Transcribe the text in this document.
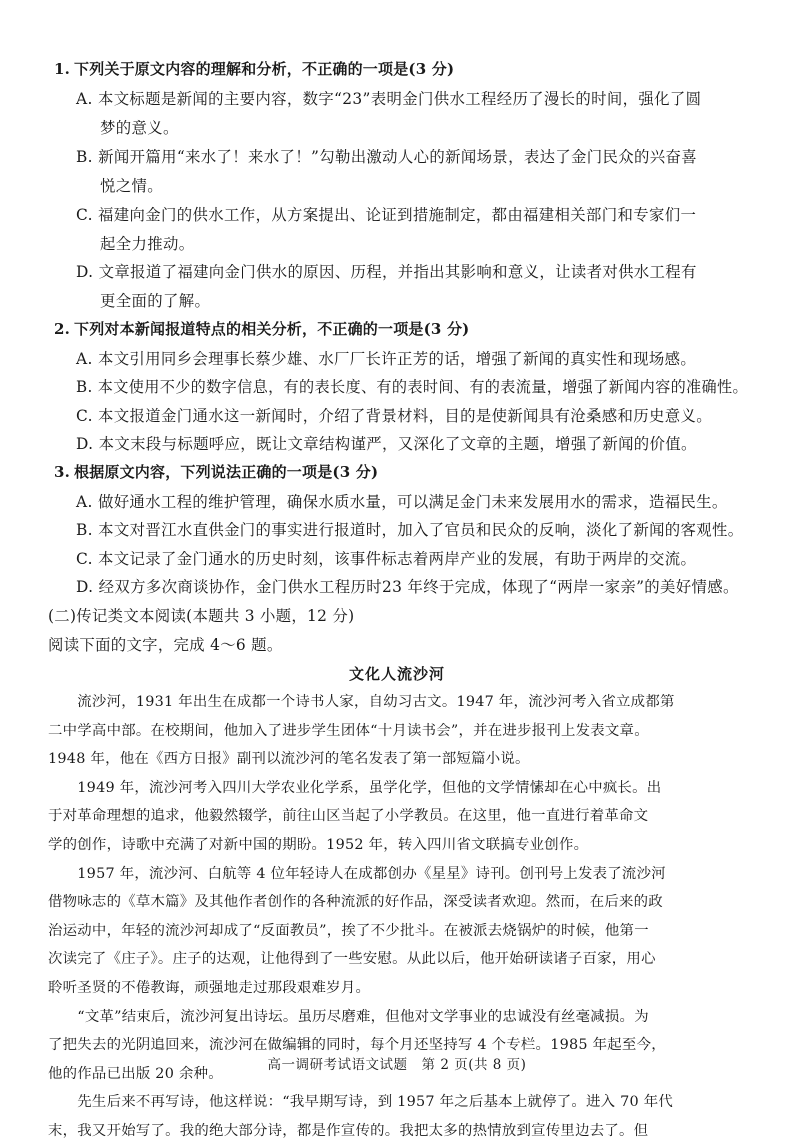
1. 下列关于原文内容的理解和分析，不正确的一项是(3 分)
A. 本文标题是新闻的主要内容，数字“23”表明金门供水工程经历了漫长的时间，强化了圆
梦的意义。
B. 新闻开篇用“来水了！来水了！”勾勒出激动人心的新闻场景，表达了金门民众的兴奋喜
悦之情。
C. 福建向金门的供水工作，从方案提出、论证到措施制定，都由福建相关部门和专家们一
起全力推动。
D. 文章报道了福建向金门供水的原因、历程，并指出其影响和意义，让读者对供水工程有
更全面的了解。
2. 下列对本新闻报道特点的相关分析，不正确的一项是(3 分)
A. 本文引用同乡会理事长蔡少雄、水厂厂长许正芳的话，增强了新闻的真实性和现场感。
B. 本文使用不少的数字信息，有的表长度、有的表时间、有的表流量，增强了新闻内容的准确性。
C. 本文报道金门通水这一新闻时，介绍了背景材料，目的是使新闻具有沧桑感和历史意义。
D. 本文末段与标题呼应，既让文章结构谨严，又深化了文章的主题，增强了新闻的价值。
3. 根据原文内容，下列说法正确的一项是(3 分)
A. 做好通水工程的维护管理，确保水质水量，可以满足金门未来发展用水的需求，造福民生。
B. 本文对晋江水直供金门的事实进行报道时，加入了官员和民众的反响，淡化了新闻的客观性。
C. 本文记录了金门通水的历史时刻，该事件标志着两岸产业的发展，有助于两岸的交流。
D. 经双方多次商谈协作，金门供水工程历时23 年终于完成，体现了“两岸一家亲”的美好情感。
(二)传记类文本阅读(本题共 3 小题，12 分)
阅读下面的文字，完成 4～6 题。
文化人流沙河
　　流沙河，1931 年出生在成都一个诗书人家，自幼习古文。1947 年，流沙河考入省立成都第
二中学高中部。在校期间，他加入了进步学生团体“十月读书会”，并在进步报刊上发表文章。
1948 年，他在《西方日报》副刊以流沙河的笔名发表了第一部短篇小说。
　　1949 年，流沙河考入四川大学农业化学系，虽学化学，但他的文学情愫却在心中疯长。出
于对革命理想的追求，他毅然辍学，前往山区当起了小学教员。在这里，他一直进行着革命文
学的创作，诗歌中充满了对新中国的期盼。1952 年，转入四川省文联搞专业创作。
　　1957 年，流沙河、白航等 4 位年轻诗人在成都创办《星星》诗刊。创刊号上发表了流沙河
借物咏志的《草木篇》及其他作者创作的各种流派的好作品，深受读者欢迎。然而，在后来的政
治运动中，年轻的流沙河却成了“反面教员”，挨了不少批斗。在被派去烧锅炉的时候，他第一
次读完了《庄子》。庄子的达观，让他得到了一些安慰。从此以后，他开始研读诸子百家，用心
聆听圣贤的不倦教诲，顽强地走过那段艰难岁月。
　　“文革”结束后，流沙河复出诗坛。虽历尽磨难，但他对文学事业的忠诚没有丝毫减损。为
了把失去的光阴追回来，流沙河在做编辑的同时，每个月还坚持写 4 个专栏。1985 年起至今，
他的作品已出版 20 余种。
　　先生后来不再写诗，他这样说：“我早期写诗，到 1957 年之后基本上就停了。进入 70 年代
末，我又开始写了。我的绝大部分诗，都是作宣传的。我把太多的热情放到宣传里边去了。但
高一调研考试语文试题　第 2 页(共 8 页)
